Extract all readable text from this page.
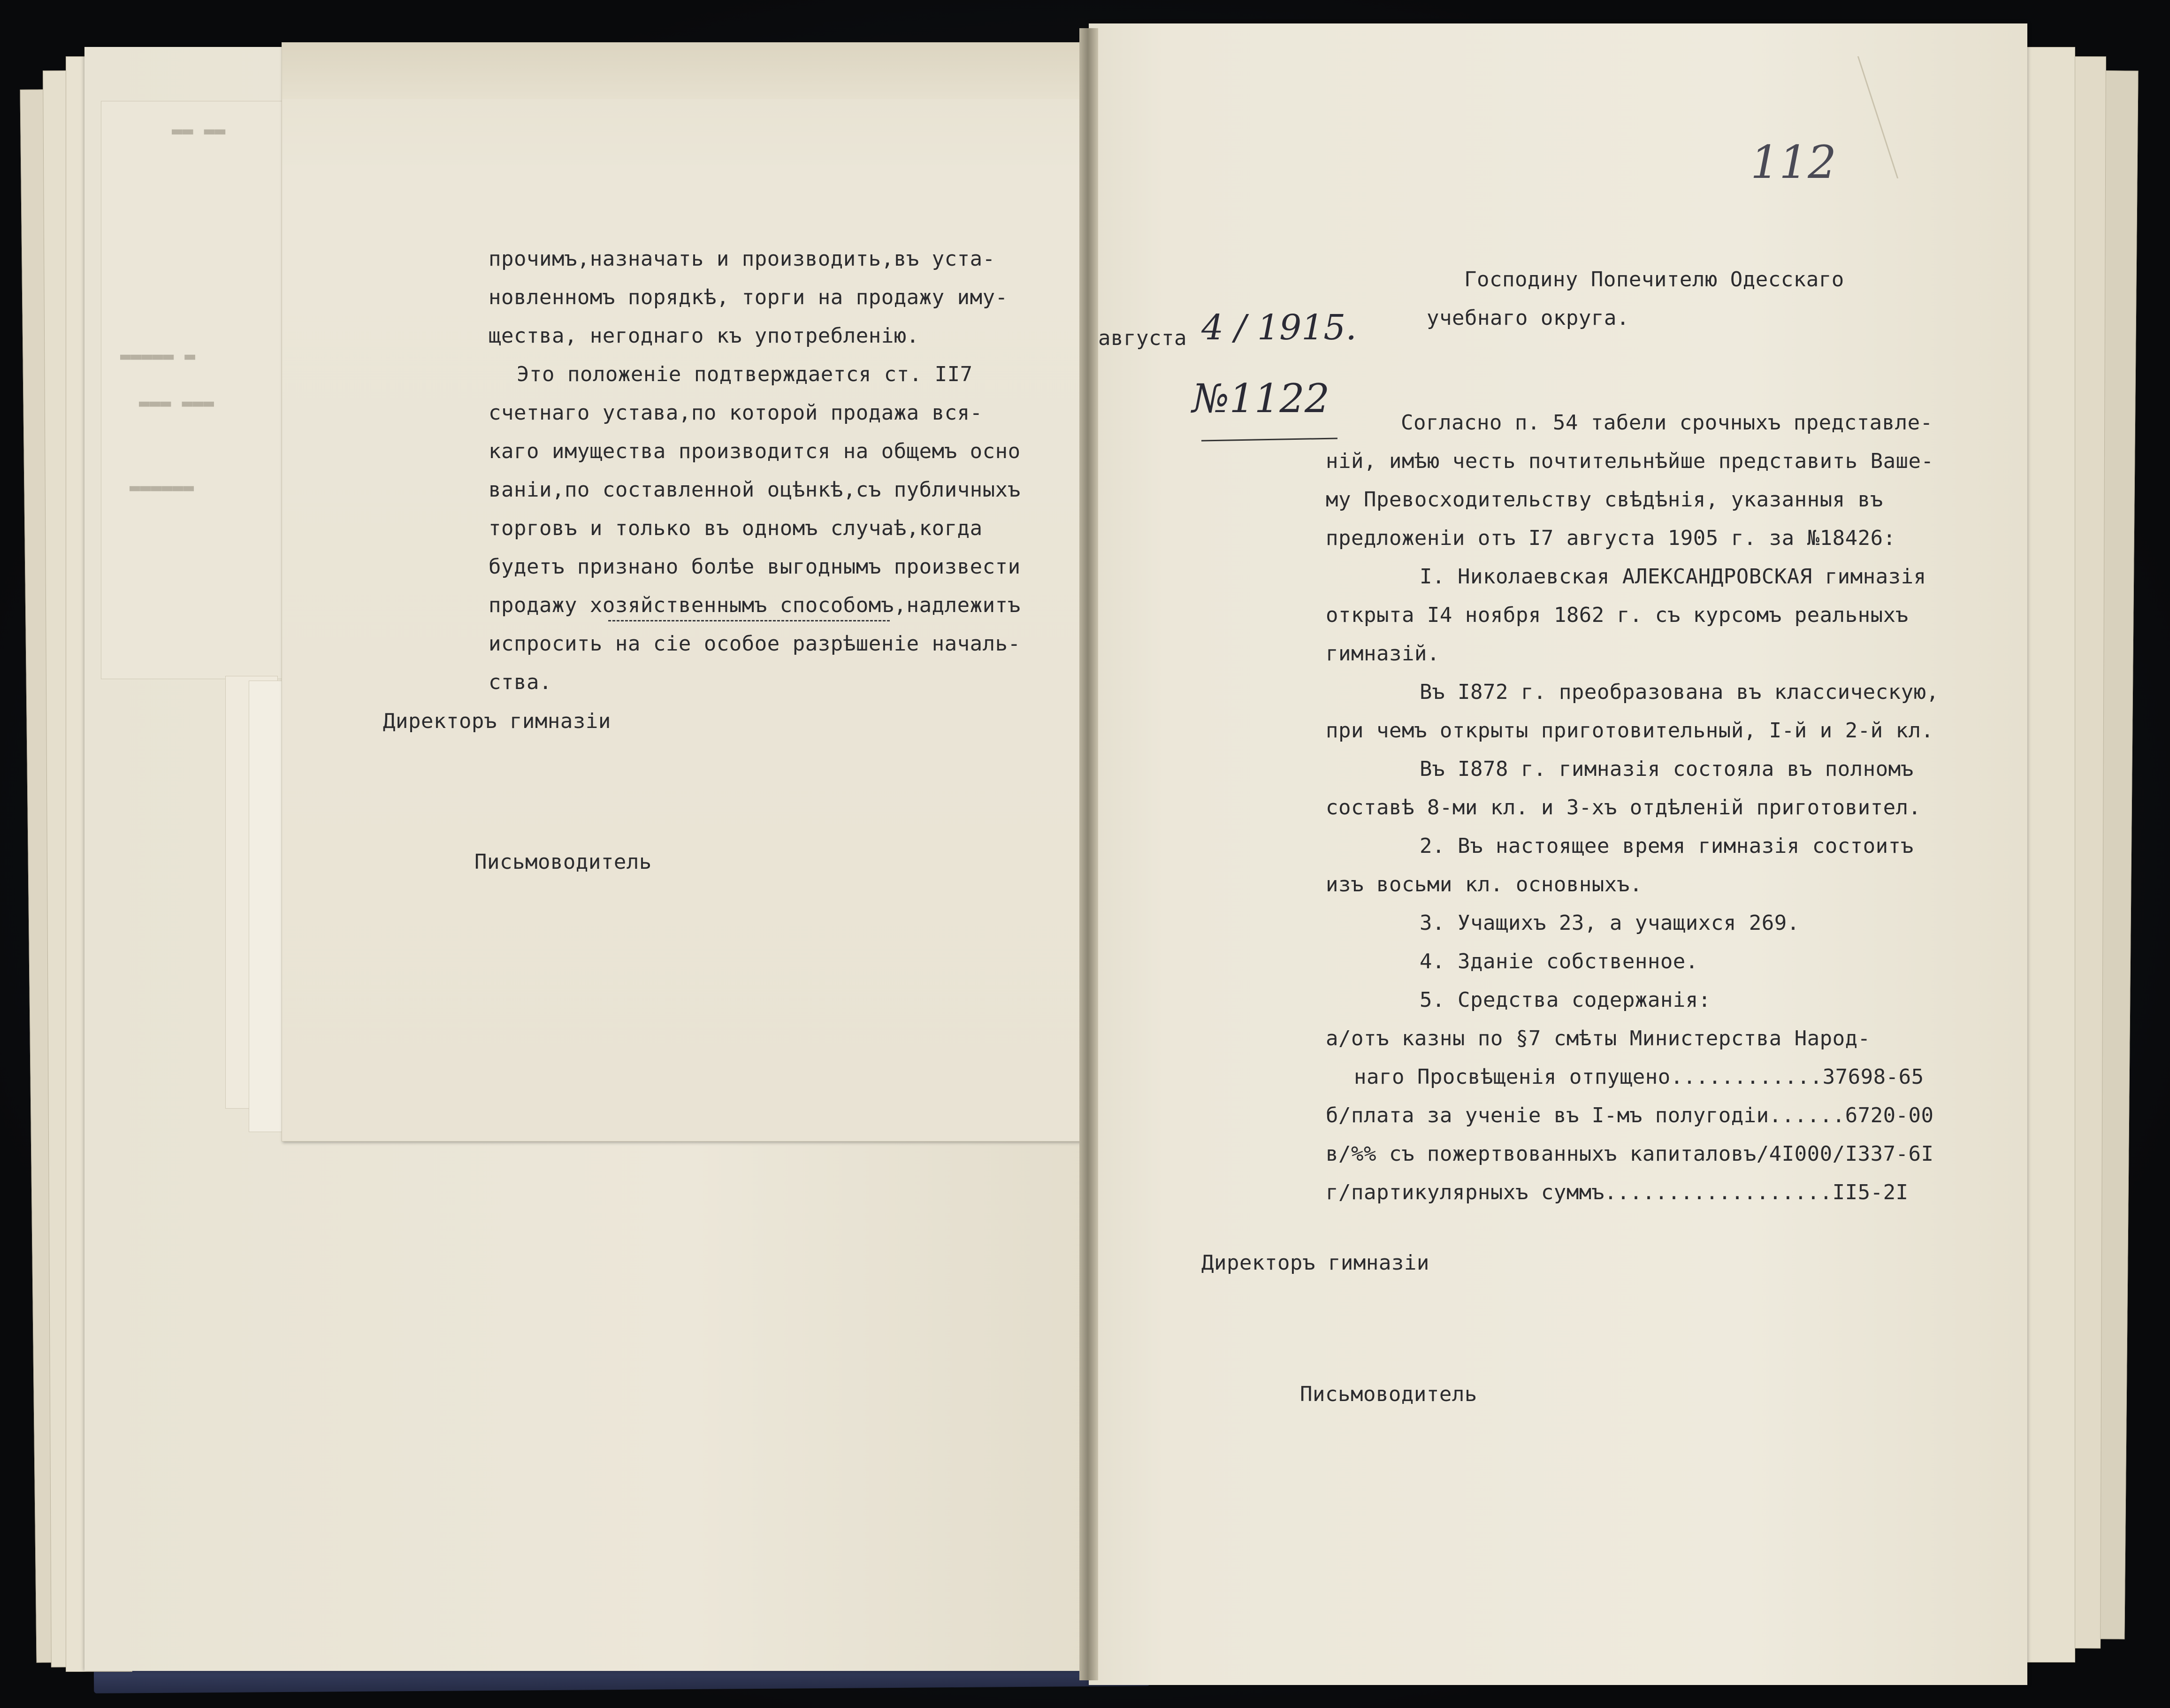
▬▬ ▬▬
▬▬▬▬▬ ▬
▬▬▬ ▬▬▬
▬▬▬▬▬▬
прочимъ,назначать и производить,въ уста-
новленномъ порядкѣ, торги на продажу иму-
щества, негоднаго къ употребленію.
Это положеніе подтверждается ст. II7
счетнаго устава,по которой продажа вся-
каго имущества производится на общемъ осно
ваніи,по составленной оцѣнкѣ,съ публичныхъ
торговъ и только въ одномъ случаѣ,когда
будетъ признано болѣе выгоднымъ произвести
продажу хозяйственнымъ способомъ,надлежитъ
испросить на сіе особое разрѣшеніе началь-
ства.
Директоръ гимназіи
Письмоводитель
112
августа 4 / 1915.
№1122
Господину Попечителю Одесскаго
учебнаго округа.
Согласно п. 54 табели срочныхъ представле-
ній, имѣю честь почтительнѣйше представить Вашe-
му Превосходительству свѣдѣнія, указанныя въ
предложеніи отъ I7 августа 1905 г. за №18426:
I. Николаевская АЛЕКСАНДРОВСКАЯ гимназія
открыта I4 ноября 1862 г. съ курсомъ реальныхъ
гимназій.
Въ I872 г. преобразована въ классическую,
при чемъ открыты приготовительный, I-й и 2-й кл.
Въ I878 г. гимназія состояла въ полномъ
составѣ 8-ми кл. и 3-хъ отдѣленій приготовител.
2. Въ настоящее время гимназія состоитъ
изъ восьми кл. основныхъ.
3. Учащихъ 23, а учащихся 269.
4. Зданіе собственное.
5. Средства содержанія:
а/отъ казны по §7 смѣты Министерства Народ-
наго Просвѣщенія отпущено............37698-65
б/плата за ученіе въ I-мъ полугодіи......6720-00
в/%% съ пожертвованныхъ капиталовъ/4I000/I337-6I
г/партикулярныхъ суммъ..................II5-2I
Директоръ гимназіи
Письмоводитель
